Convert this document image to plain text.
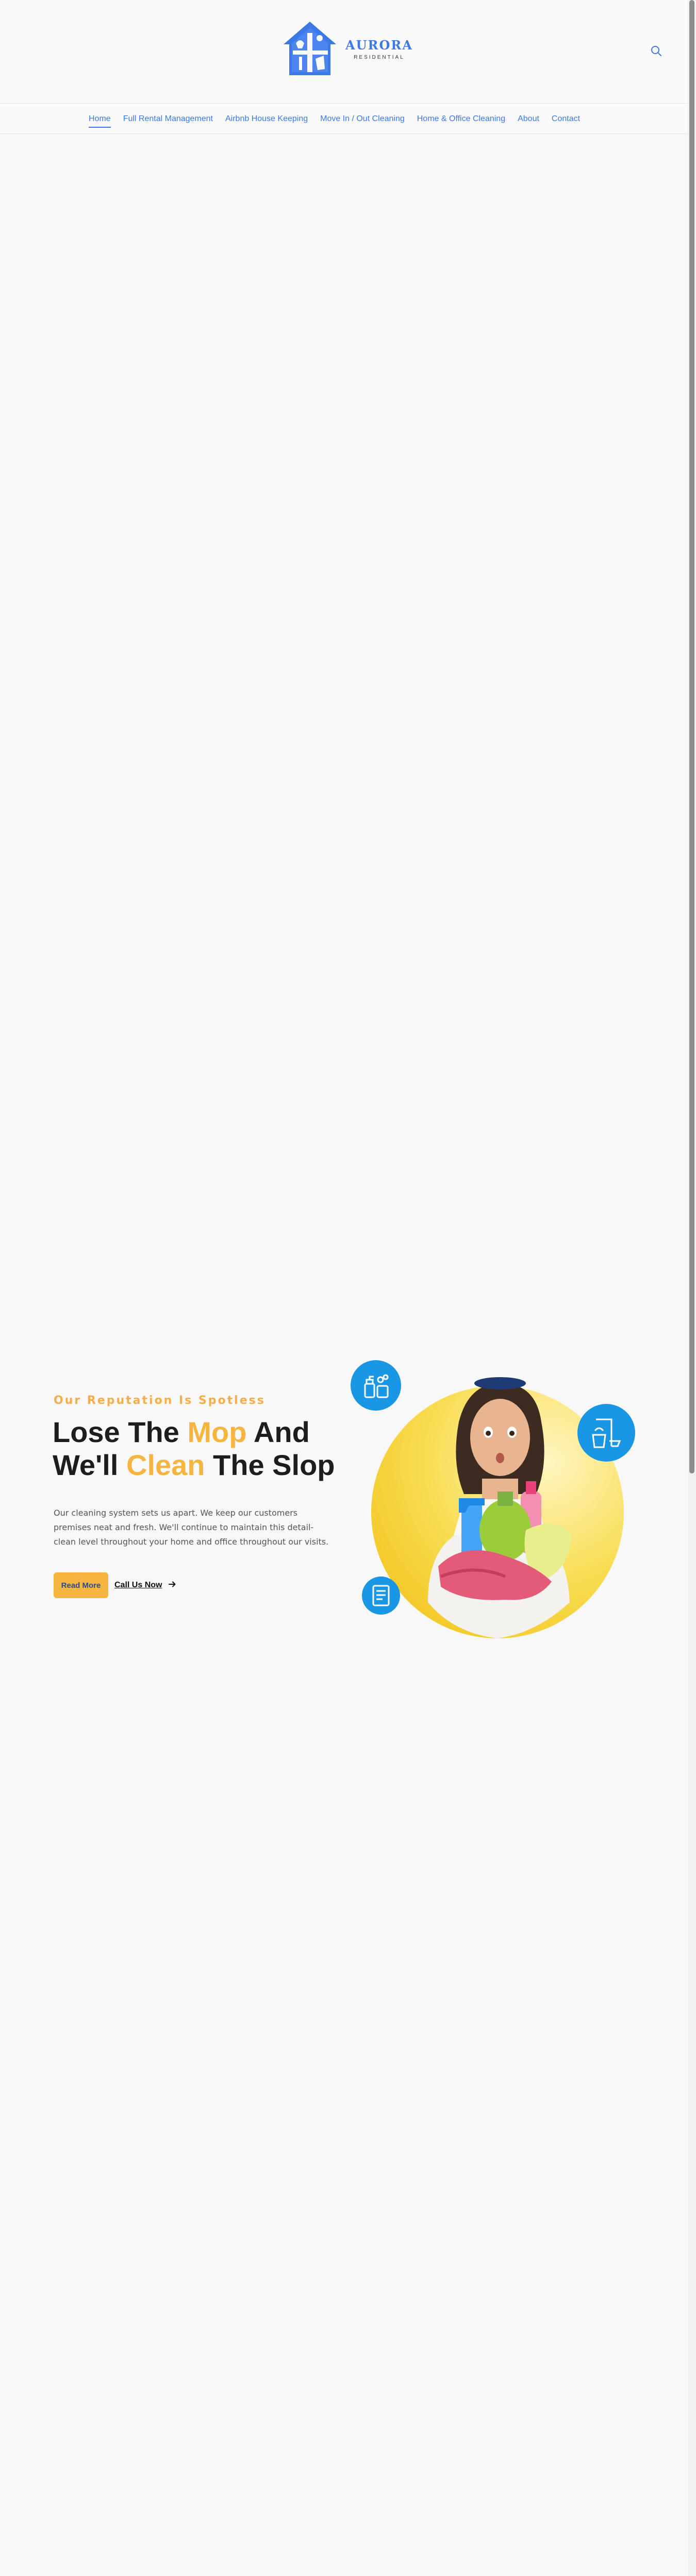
AURORA
RESIDENTIAL
Home Full Rental Management Airbnb House Keeping Move In / Out Cleaning Home & Office Cleaning About Contact
Our Reputation Is Spotless
Lose The Mop And We'll Clean The Slop

Our cleaning system sets us apart. We keep our customers premises neat and fresh. We'll continue to maintain this detail-clean level throughout your home and office throughout our visits.

Read More	Call Us Now
